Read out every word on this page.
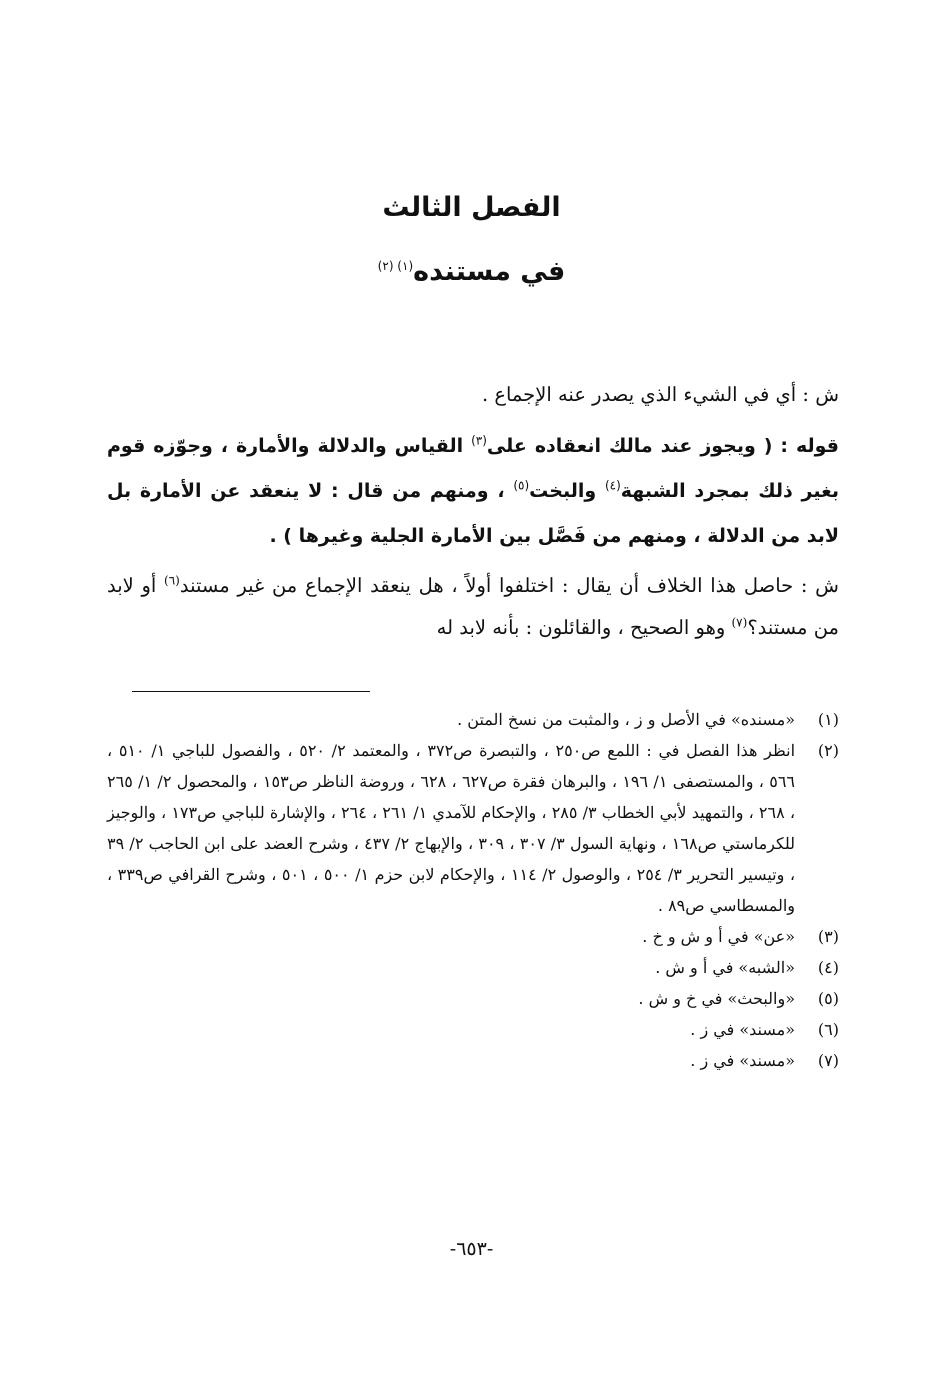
الفصل الثالث
في مستنده$^{(١) (٢)}$

ش : أي في الشيء الذي يصدر عنه الإجماع .

قوله : ( ويجوز عند مالك انعقاده على$^{(٣)}$ القياس والدلالة والأمارة ، وجوّزه قوم بغير ذلك بمجرد الشبهة$^{(٤)}$ والبخت$^{(٥)}$ ، ومنهم من قال : لا ينعقد عن الأمارة بل لابد من الدلالة ، ومنهم من فَصَّل بين الأمارة الجلية وغيرها ) .

ش : حاصل هذا الخلاف أن يقال : اختلفوا أولاً ، هل ينعقد الإجماع من غير مستند$^{(٦)}$ أو لابد من مستند؟$^{(٧)}$ وهو الصحيح ، والقائلون : بأنه لابد له

(١)
«مسنده» في الأصل و ز ، والمثبت من نسخ المتن .
(٢)
انظر هذا الفصل في : اللمع ص٢٥٠ ، والتبصرة ص٣٧٢ ، والمعتمد ٢/ ٥٢٠ ، والفصول للباجي ١/ ٥١٠ ، ٥٦٦ ، والمستصفى ١/ ١٩٦ ، والبرهان فقرة ص٦٢٧ ، ٦٢٨ ، وروضة الناظر ص١٥٣ ، والمحصول ٢/ ١/ ٢٦٥ ، ٢٦٨ ، والتمهيد لأبي الخطاب ٣/ ٢٨٥ ، والإحكام للآمدي ١/ ٢٦١ ، ٢٦٤ ، والإشارة للباجي ص١٧٣ ، والوجيز للكرماستي ص١٦٨ ، ونهاية السول ٣/ ٣٠٧ ، ٣٠٩ ، والإبهاج ٢/ ٤٣٧ ، وشرح العضد على ابن الحاجب ٢/ ٣٩ ، وتيسير التحرير ٣/ ٢٥٤ ، والوصول ٢/ ١١٤ ، والإحكام لابن حزم ١/ ٥٠٠ ، ٥٠١ ، وشرح القرافي ص٣٣٩ ، والمسطاسي ص٨٩ .
(٣)
«عن» في أ و ش و خ .
(٤)
«الشبه» في أ و ش .
(٥)
«والبحث» في خ و ش .
(٦)
«مسند» في ز .
(٧)
«مسند» في ز .
-٦٥٣-
